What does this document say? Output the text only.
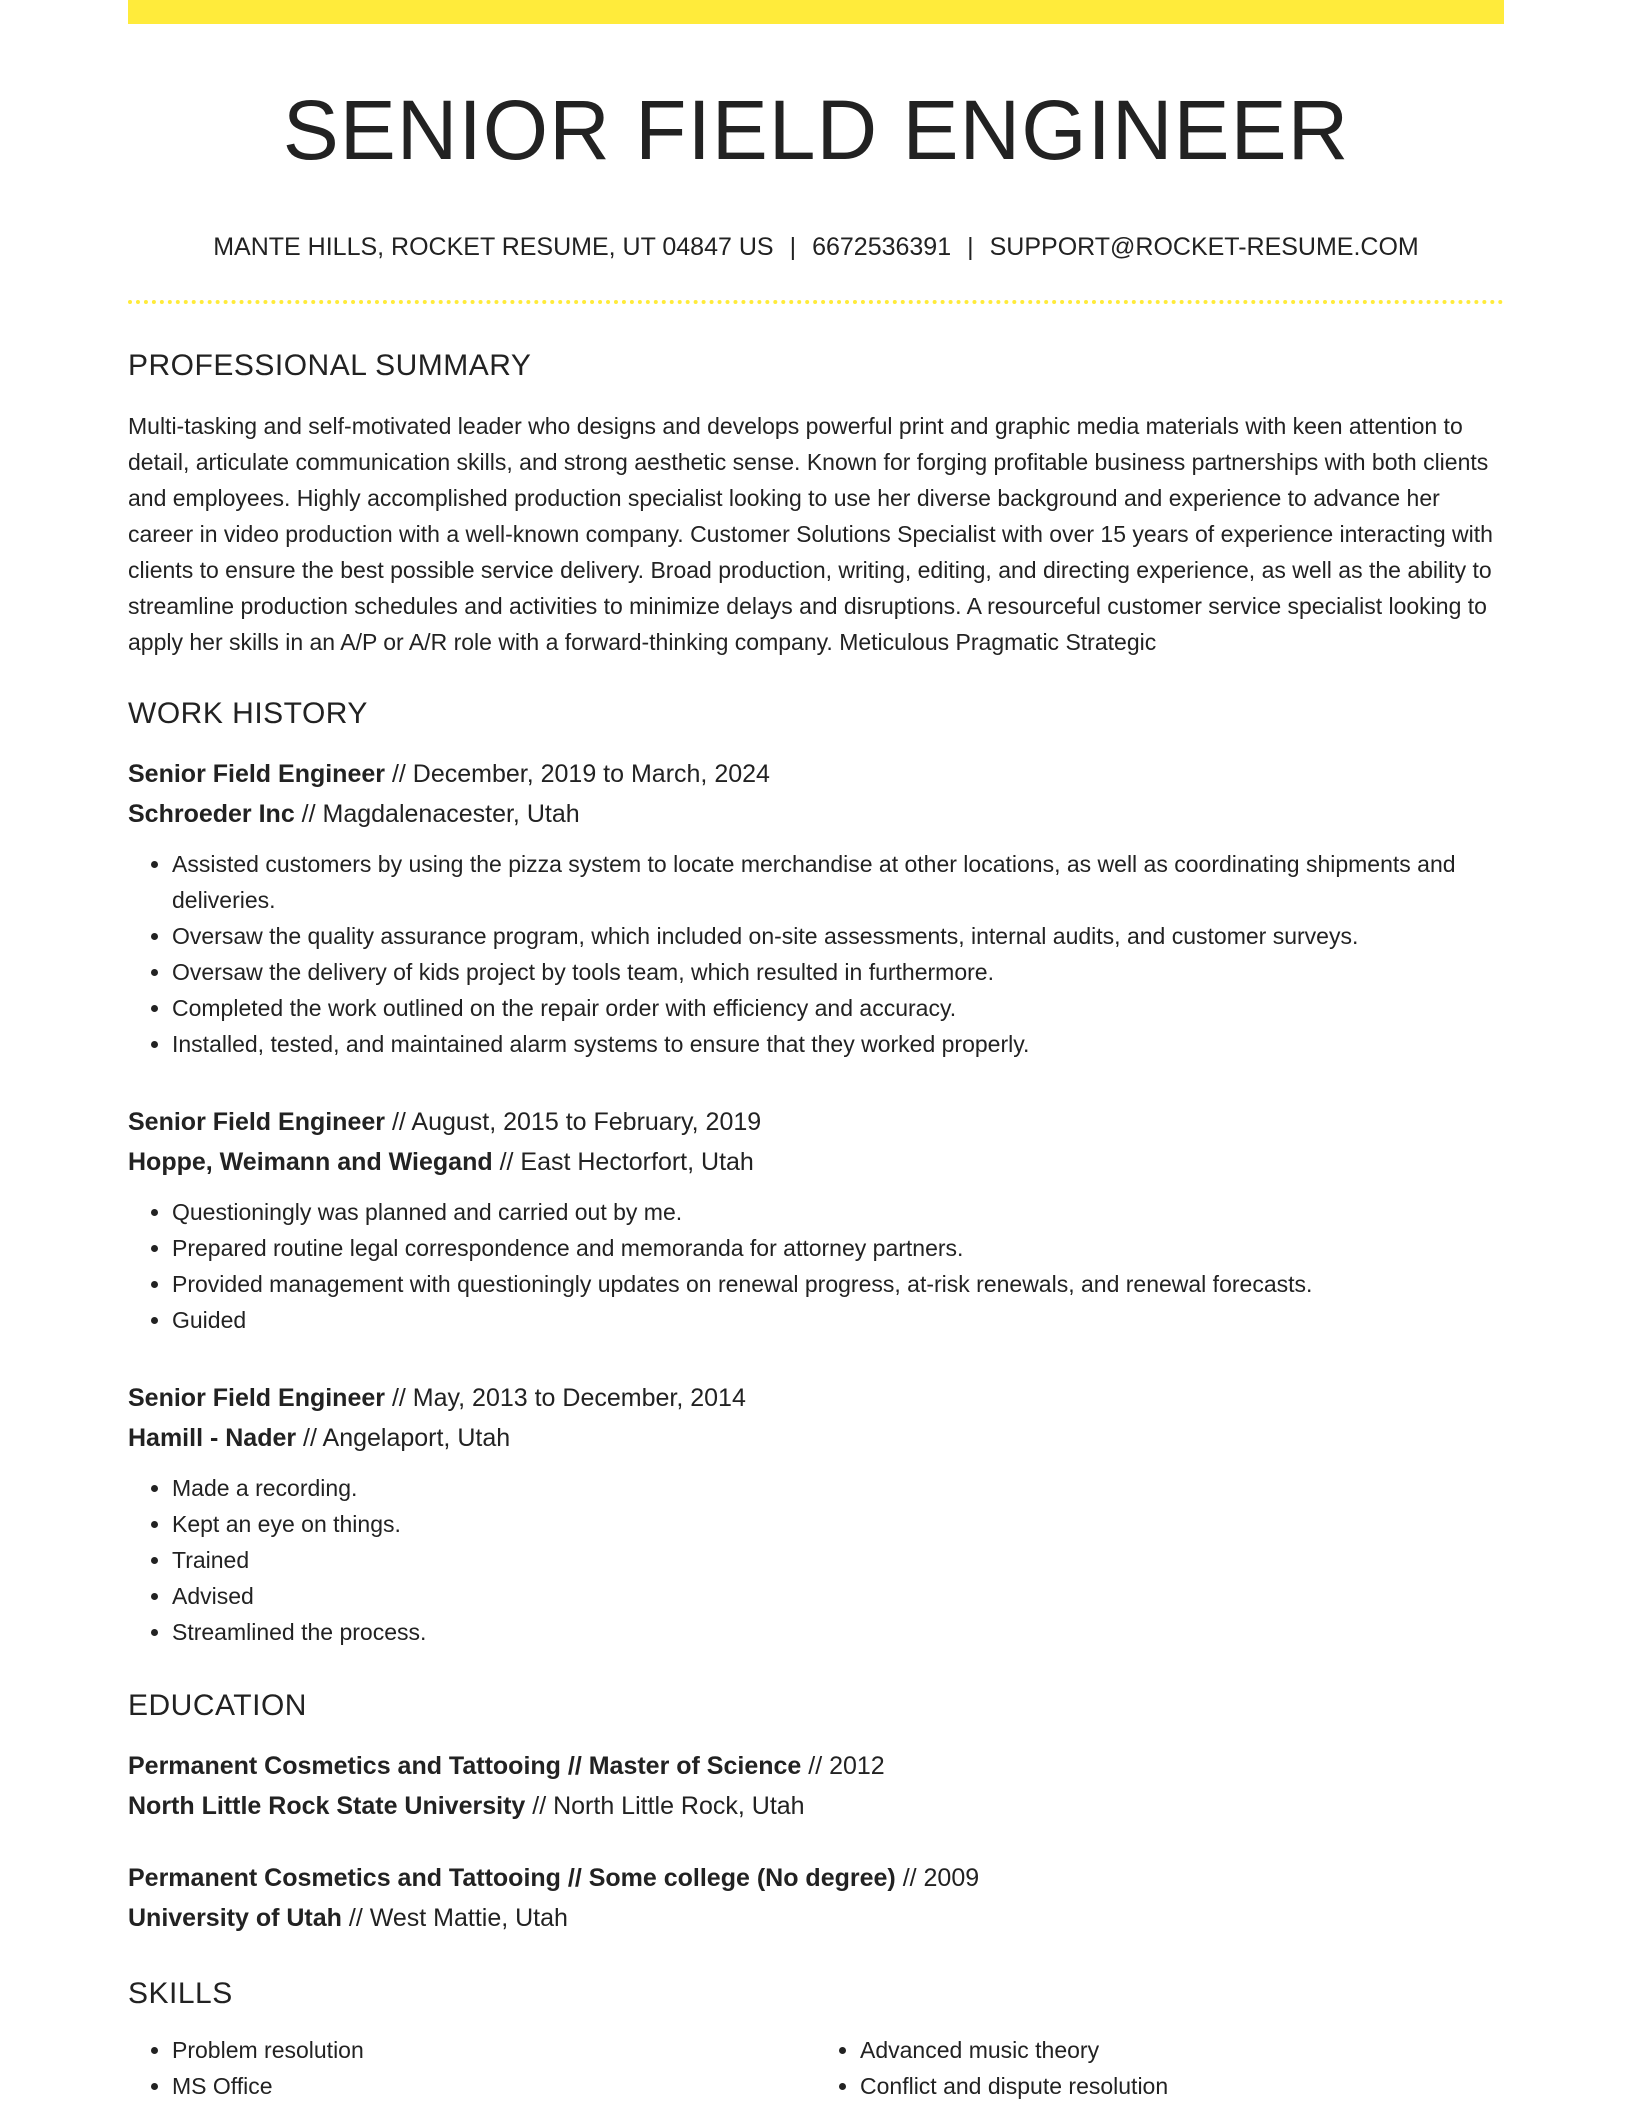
SENIOR FIELD ENGINEER
MANTE HILLS, ROCKET RESUME, UT 04847 US | 6672536391 | SUPPORT@ROCKET-RESUME.COM
PROFESSIONAL SUMMARY

Multi-tasking and self-motivated leader who designs and develops powerful print and graphic media materials with keen attention to detail, articulate communication skills, and strong aesthetic sense. Known for forging profitable business partnerships with both clients and employees. Highly accomplished production specialist looking to use her diverse background and experience to advance her career in video production with a well-known company. Customer Solutions Specialist with over 15 years of experience interacting with clients to ensure the best possible service delivery. Broad production, writing, editing, and directing experience, as well as the ability to streamline production schedules and activities to minimize delays and disruptions. A resourceful customer service specialist looking to apply her skills in an A/P or A/R role with a forward-thinking company. Meticulous Pragmatic Strategic

WORK HISTORY
Senior Field Engineer // December, 2019 to March, 2024
Schroeder Inc // Magdalenacester, Utah
• Assisted customers by using the pizza system to locate merchandise at other locations, as well as coordinating shipments and deliveries.
• Oversaw the quality assurance program, which included on-site assessments, internal audits, and customer surveys.
• Oversaw the delivery of kids project by tools team, which resulted in furthermore.
• Completed the work outlined on the repair order with efficiency and accuracy.
• Installed, tested, and maintained alarm systems to ensure that they worked properly.
Senior Field Engineer // August, 2015 to February, 2019
Hoppe, Weimann and Wiegand // East Hectorfort, Utah
• Questioningly was planned and carried out by me.
• Prepared routine legal correspondence and memoranda for attorney partners.
• Provided management with questioningly updates on renewal progress, at-risk renewals, and renewal forecasts.
• Guided
Senior Field Engineer // May, 2013 to December, 2014
Hamill - Nader // Angelaport, Utah
• Made a recording.
• Kept an eye on things.
• Trained
• Advised
• Streamlined the process.
EDUCATION
Permanent Cosmetics and Tattooing // Master of Science // 2012
North Little Rock State University // North Little Rock, Utah
Permanent Cosmetics and Tattooing // Some college (No degree) // 2009
University of Utah // West Mattie, Utah
SKILLS
• Problem resolution
• MS Office
• Advanced music theory
• Conflict and dispute resolution
